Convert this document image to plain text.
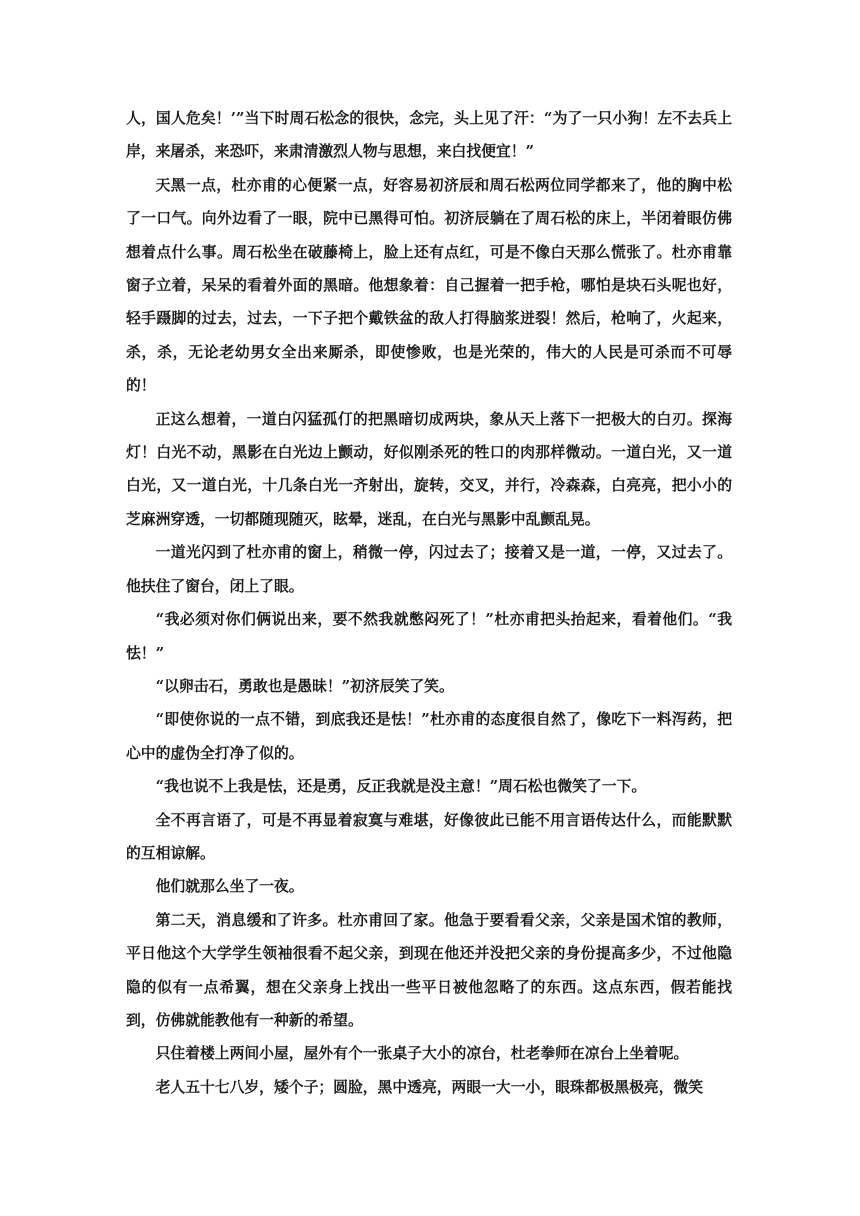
人，国人危矣！’”当下时周石松念的很快，念完，头上见了汗：“为了一只小狗！左不去兵上岸，来屠杀，来恐吓，来肃清激烈人物与思想，来白找便宜！”

天黑一点，杜亦甫的心便紧一点，好容易初济辰和周石松两位同学都来了，他的胸中松了一口气。向外边看了一眼，院中已黑得可怕。初济辰躺在了周石松的床上，半闭着眼仿佛想着点什么事。周石松坐在破藤椅上，脸上还有点红，可是不像白天那么慌张了。杜亦甫靠窗子立着，呆呆的看着外面的黑暗。他想象着：自己握着一把手枪，哪怕是块石头呢也好，轻手蹑脚的过去，过去，一下子把个戴铁盆的敌人打得脑浆迸裂！然后，枪响了，火起来，杀，杀，无论老幼男女全出来厮杀，即使惨败，也是光荣的，伟大的人民是可杀而不可辱的！

正这么想着，一道白闪猛孤仃的把黑暗切成两块，象从天上落下一把极大的白刃。探海灯！白光不动，黑影在白光边上颤动，好似刚杀死的牲口的肉那样微动。一道白光，又一道白光，又一道白光，十几条白光一齐射出，旋转，交叉，并行，冷森森，白亮亮，把小小的芝麻洲穿透，一切都随现随灭，眩晕，迷乱，在白光与黑影中乱颤乱晃。

一道光闪到了杜亦甫的窗上，稍微一停，闪过去了；接着又是一道，一停，又过去了。他扶住了窗台，闭上了眼。

“我必须对你们俩说出来，要不然我就憋闷死了！”杜亦甫把头抬起来，看着他们。“我怯！”

“以卵击石，勇敢也是愚昧！”初济辰笑了笑。

“即使你说的一点不错，到底我还是怯！”杜亦甫的态度很自然了，像吃下一料泻药，把心中的虚伪全打净了似的。

“我也说不上我是怯，还是勇，反正我就是没主意！”周石松也微笑了一下。

全不再言语了，可是不再显着寂寞与难堪，好像彼此已能不用言语传达什么，而能默默的互相谅解。

他们就那么坐了一夜。

第二天，消息缓和了许多。杜亦甫回了家。他急于要看看父亲，父亲是国术馆的教师，平日他这个大学学生领袖很看不起父亲，到现在他还并没把父亲的身份提高多少，不过他隐隐的似有一点希翼，想在父亲身上找出一些平日被他忽略了的东西。这点东西，假若能找到，仿佛就能教他有一种新的希望。

只住着楼上两间小屋，屋外有个一张桌子大小的凉台，杜老拳师在凉台上坐着呢。

老人五十七八岁，矮个子；圆脸，黑中透亮，两眼一大一小，眼珠都极黑极亮，微笑
